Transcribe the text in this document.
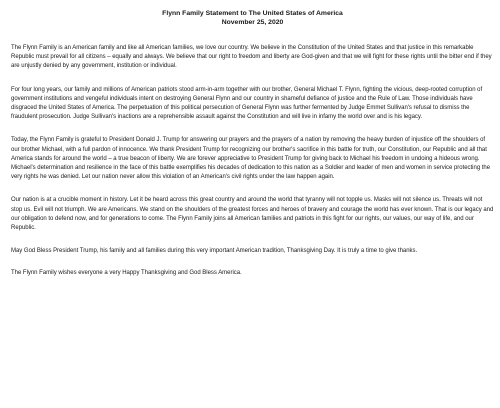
Flynn Family Statement to The United States of America

November 25, 2020

The Flynn Family is an American family and like all American families, we love our country. We believe in the Constitution of the United States and that justice in this remarkable Republic must prevail for all citizens – equally and always. We believe that our right to freedom and liberty are God-given and that we will fight for these rights until the bitter end if they are unjustly denied by any government, institution or individual.

For four long years, our family and millions of American patriots stood arm-in-arm together with our brother, General Michael T. Flynn, fighting the vicious, deep-rooted corruption of government institutions and vengeful individuals intent on destroying General Flynn and our country in shameful defiance of justice and the Rule of Law. Those individuals have disgraced the United States of America. The perpetuation of this political persecution of General Flynn was further fermented by Judge Emmet Sullivan's refusal to dismiss the fraudulent prosecution. Judge Sullivan's inactions are a reprehensible assault against the Constitution and will live in infamy the world over and is his legacy.

Today, the Flynn Family is grateful to President Donald J. Trump for answering our prayers and the prayers of a nation by removing the heavy burden of injustice off the shoulders of our brother Michael, with a full pardon of innocence. We thank President Trump for recognizing our brother's sacrifice in this battle for truth, our Constitution, our Republic and all that America stands for around the world – a true beacon of liberty. We are forever appreciative to President Trump for giving back to Michael his freedom in undoing a hideous wrong. Michael's determination and resilience in the face of this battle exemplifies his decades of dedication to this nation as a Soldier and leader of men and women in service protecting the very rights he was denied. Let our nation never allow this violation of an American's civil rights under the law happen again.

Our nation is at a crucible moment in history. Let it be heard across this great country and around the world that tyranny will not topple us. Masks will not silence us. Threats will not stop us. Evil will not triumph. We are Americans. We stand on the shoulders of the greatest forces and heroes of bravery and courage the world has ever known. That is our legacy and our obligation to defend now, and for generations to come. The Flynn Family joins all American families and patriots in this fight for our rights, our values, our way of life, and our Republic.

May God Bless President Trump, his family and all families during this very important American tradition, Thanksgiving Day. It is truly a time to give thanks.

The Flynn Family wishes everyone a very Happy Thanksgiving and God Bless America.
